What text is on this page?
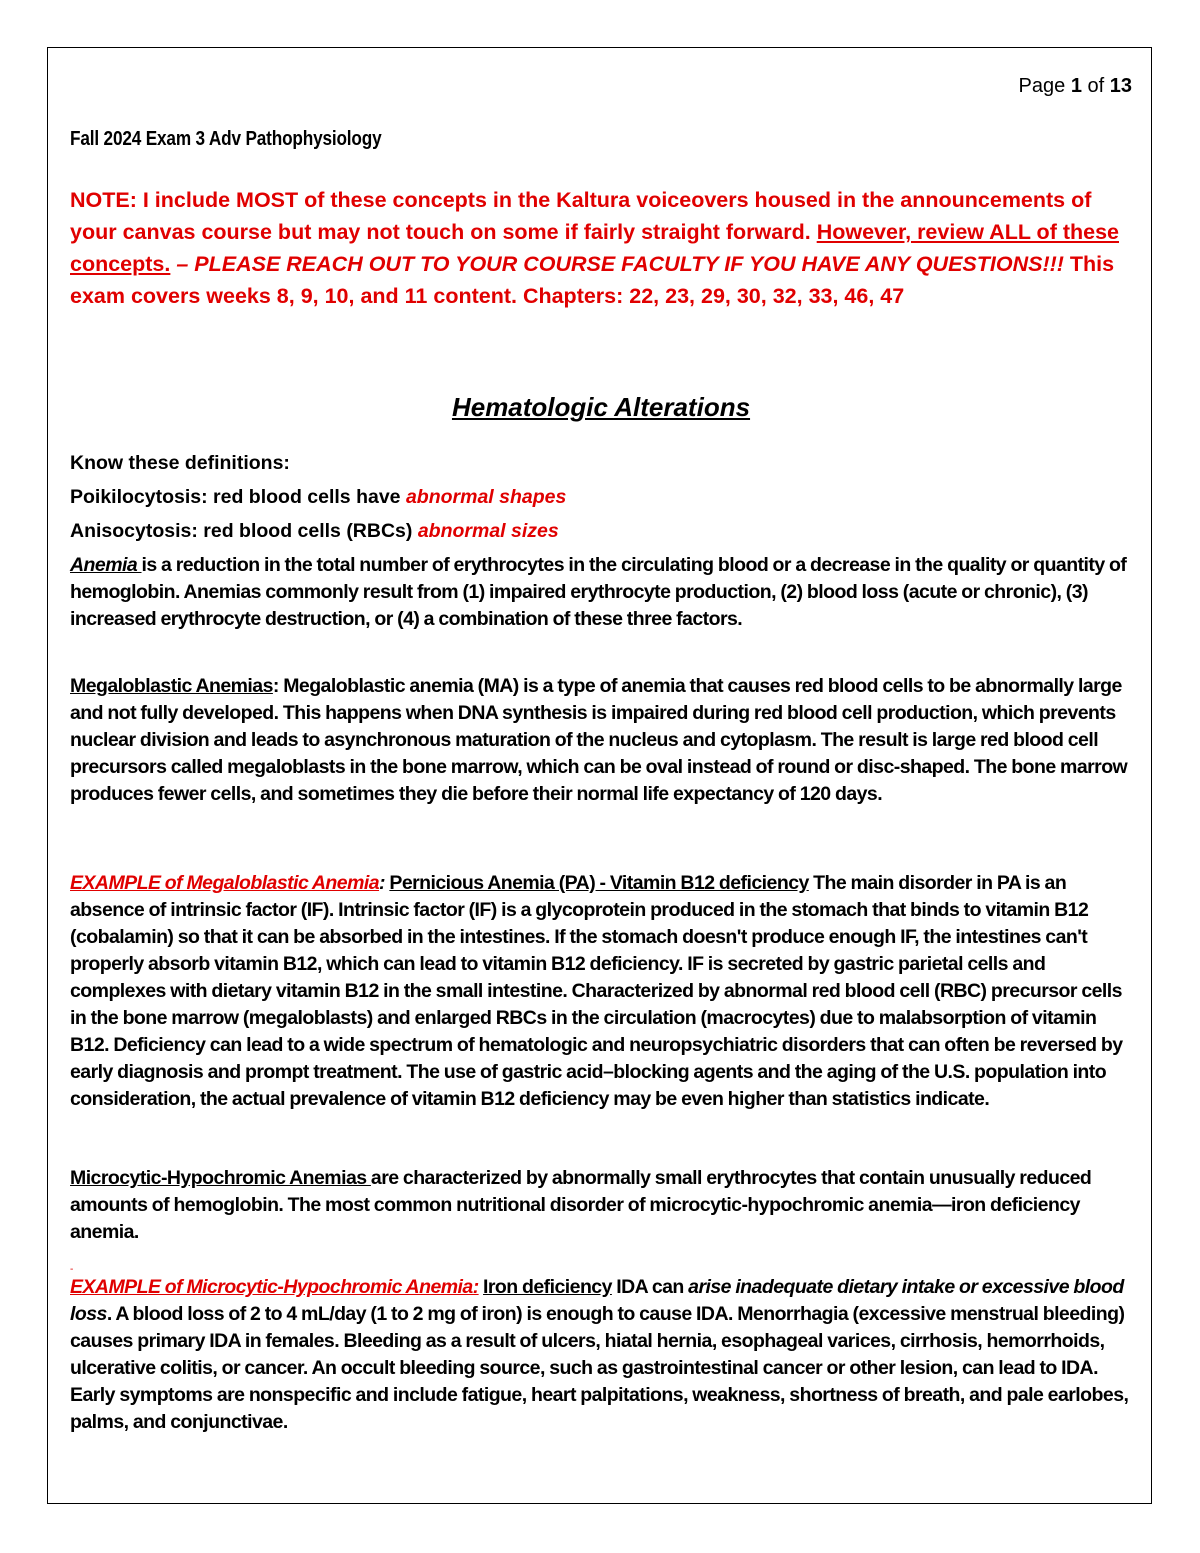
Page 1 of 13
Fall 2024 Exam 3 Adv Pathophysiology
NOTE: I include MOST of these concepts in the Kaltura voiceovers housed in the announcements of your canvas course but may not touch on some if fairly straight forward. However, review ALL of these concepts. – PLEASE REACH OUT TO YOUR COURSE FACULTY IF YOU HAVE ANY QUESTIONS!!! This exam covers weeks 8, 9, 10, and 11 content. Chapters: 22, 23, 29, 30, 32, 33, 46, 47
Hematologic Alterations
Know these definitions:
Poikilocytosis: red blood cells have abnormal shapes
Anisocytosis: red blood cells (RBCs) abnormal sizes
Anemia is a reduction in the total number of erythrocytes in the circulating blood or a decrease in the quality or quantity of hemoglobin. Anemias commonly result from (1) impaired erythrocyte production, (2) blood loss (acute or chronic), (3) increased erythrocyte destruction, or (4) a combination of these three factors.
Megaloblastic Anemias: Megaloblastic anemia (MA) is a type of anemia that causes red blood cells to be abnormally large and not fully developed. This happens when DNA synthesis is impaired during red blood cell production, which prevents nuclear division and leads to asynchronous maturation of the nucleus and cytoplasm. The result is large red blood cell precursors called megaloblasts in the bone marrow, which can be oval instead of round or disc-shaped. The bone marrow produces fewer cells, and sometimes they die before their normal life expectancy of 120 days.
EXAMPLE of Megaloblastic Anemia: Pernicious Anemia (PA) - Vitamin B12 deficiency The main disorder in PA is an absence of intrinsic factor (IF). Intrinsic factor (IF) is a glycoprotein produced in the stomach that binds to vitamin B12 (cobalamin) so that it can be absorbed in the intestines. If the stomach doesn't produce enough IF, the intestines can't properly absorb vitamin B12, which can lead to vitamin B12 deficiency. IF is secreted by gastric parietal cells and complexes with dietary vitamin B12 in the small intestine. Characterized by abnormal red blood cell (RBC) precursor cells in the bone marrow (megaloblasts) and enlarged RBCs in the circulation (macrocytes) due to malabsorption of vitamin B12. Deficiency can lead to a wide spectrum of hematologic and neuropsychiatric disorders that can often be reversed by early diagnosis and prompt treatment. The use of gastric acid–blocking agents and the aging of the U.S. population into consideration, the actual prevalence of vitamin B12 deficiency may be even higher than statistics indicate.
Microcytic-Hypochromic Anemias are characterized by abnormally small erythrocytes that contain unusually reduced amounts of hemoglobin. The most common nutritional disorder of microcytic-hypochromic anemia—iron deficiency anemia.
-
EXAMPLE of Microcytic-Hypochromic Anemia: Iron deficiency IDA can arise inadequate dietary intake or excessive blood loss. A blood loss of 2 to 4 mL/day (1 to 2 mg of iron) is enough to cause IDA. Menorrhagia (excessive menstrual bleeding) causes primary IDA in females. Bleeding as a result of ulcers, hiatal hernia, esophageal varices, cirrhosis, hemorrhoids, ulcerative colitis, or cancer. An occult bleeding source, such as gastrointestinal cancer or other lesion, can lead to IDA. Early symptoms are nonspecific and include fatigue, heart palpitations, weakness, shortness of breath, and pale earlobes, palms, and conjunctivae.
